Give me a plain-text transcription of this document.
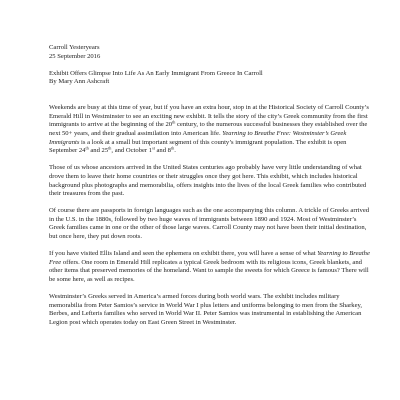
Carroll Yesteryears
25 September 2016
Exhibit Offers Glimpse Into Life As An Early Immigrant From Greece In Carroll
By Mary Ann Ashcraft

Weekends are busy at this time of year, but if you have an extra hour, stop in at the Historical Society of Carroll County’s Emerald Hill in Westminster to see an exciting new exhibit. It tells the story of the city’s Greek community from the first immigrants to arrive at the beginning of the 20th century, to the numerous successful businesses they established over the next 50+ years, and their gradual assimilation into American life. Yearning to Breathe Free: Westminster’s Greek Immigrants is a look at a small but important segment of this county’s immigrant population. The exhibit is open September 24th and 25th, and October 1st and 8th.

Those of us whose ancestors arrived in the United States centuries ago probably have very little understanding of what drove them to leave their home countries or their struggles once they got here. This exhibit, which includes historical background plus photographs and memorabilia, offers insights into the lives of the local Greek families who contributed their treasures from the past.

Of course there are passports in foreign languages such as the one accompanying this column. A trickle of Greeks arrived in the U.S. in the 1880s, followed by two huge waves of immigrants between 1890 and 1924. Most of Westminster’s Greek families came in one or the other of those large waves. Carroll County may not have been their initial destination, but once here, they put down roots.

If you have visited Ellis Island and seen the ephemera on exhibit there, you will have a sense of what Yearning to Breathe Free offers. One room in Emerald Hill replicates a typical Greek bedroom with its religious icons, Greek blankets, and other items that preserved memories of the homeland. Want to sample the sweets for which Greece is famous? There will be some here, as well as recipes.

Westminster’s Greeks served in America’s armed forces during both world wars. The exhibit includes military memorabilia from Peter Samios’s service in World War I plus letters and uniforms belonging to men from the Sharkey, Berbes, and Lefteris families who served in World War II. Peter Samios was instrumental in establishing the American Legion post which operates today on East Green Street in Westminster.
